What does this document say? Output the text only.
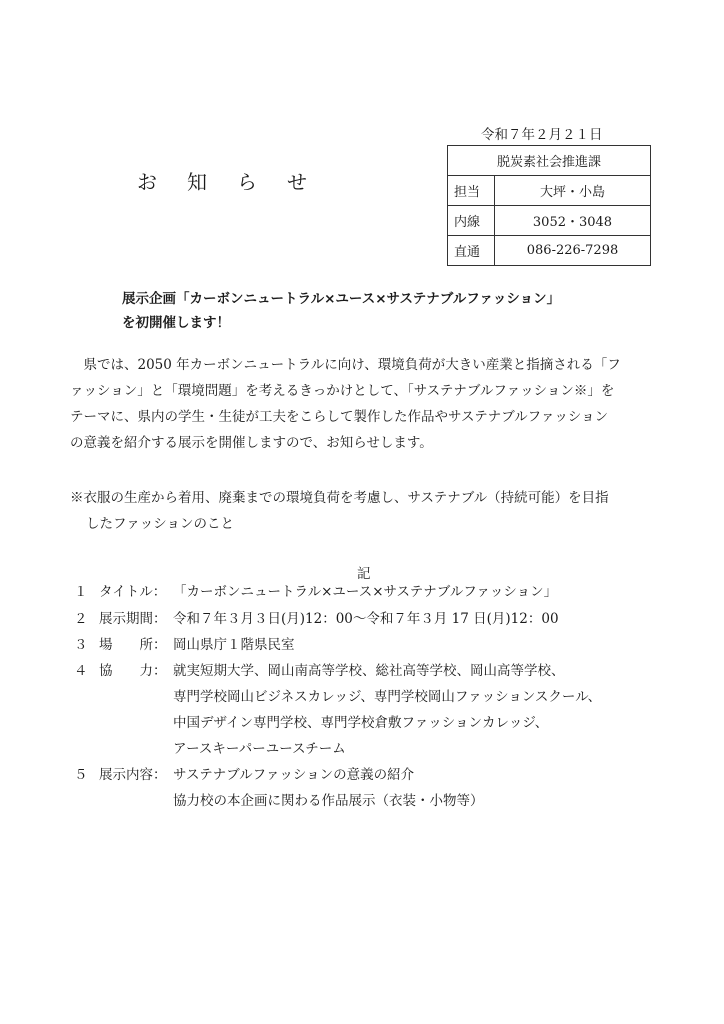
令和７年２月２１日
お	知	ら	せ
脱炭素社会推進課	
担当	大坪・小島
内線	3052・3048
直通	086-226-7298
展示企画「カーボンニュートラル×ユース×サステナブルファッション」
を初開催します！
　県では、2050 年カーボンニュートラルに向け、環境負荷が大きい産業と指摘される「フ
ァッション」と「環境問題」を考えるきっかけとして、「サステナブルファッション※」を
テーマに、県内の学生・生徒が工夫をこらして製作した作品やサステナブルファッション
の意義を紹介する展示を開催しますので、お知らせします。
※衣服の生産から着用、廃棄までの環境負荷を考慮し、サステナブル（持続可能）を目指
したファッションのこと
記
１ タイトル： 「カーボンニュートラル×ユース×サステナブルファッション」
２ 展示期間： 令和７年３月３日(月)12：00～令和７年３月 17 日(月)12：00
３ 場　　所： 岡山県庁１階県民室
４ 協　　力： 就実短期大学、岡山南高等学校、総社高等学校、岡山高等学校、
専門学校岡山ビジネスカレッジ、専門学校岡山ファッションスクール、
中国デザイン専門学校、専門学校倉敷ファッションカレッジ、
アースキーパーユースチーム
５ 展示内容： サステナブルファッションの意義の紹介
協力校の本企画に関わる作品展示（衣装・小物等）
